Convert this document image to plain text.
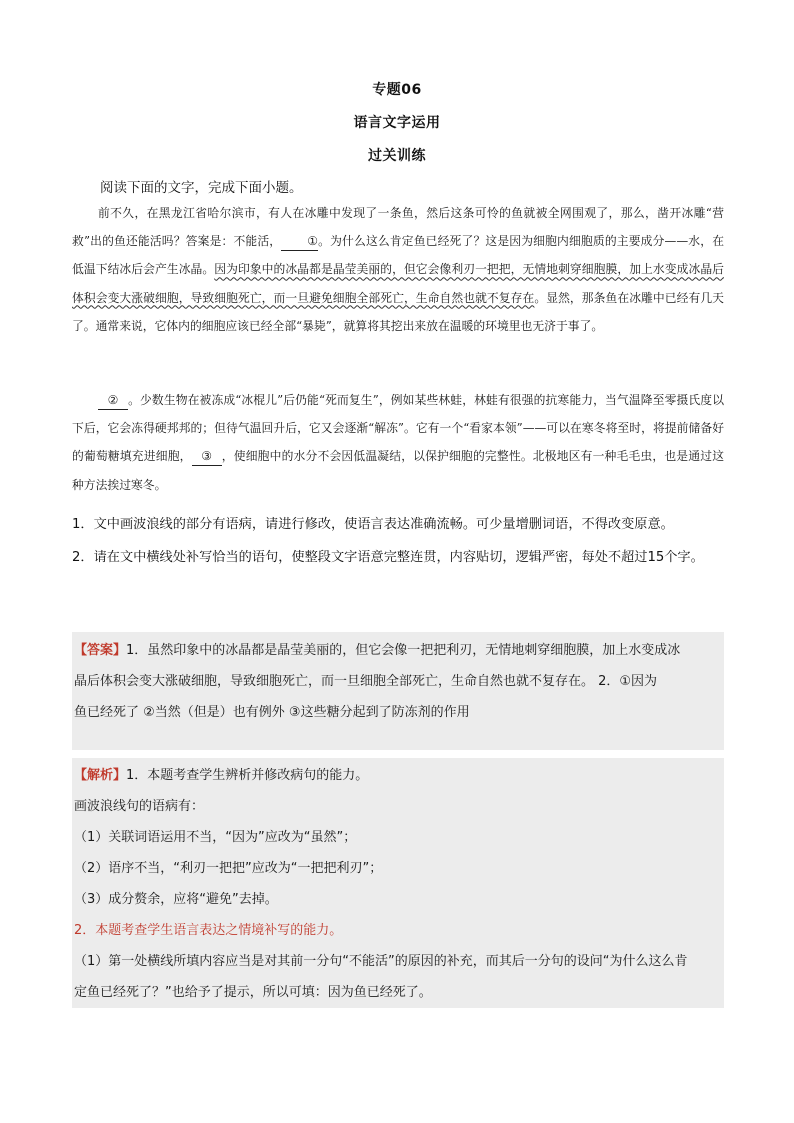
专题06
语言文字运用
过关训练
阅读下面的文字，完成下面小题。
前不久，在黑龙江省哈尔滨市，有人在冰雕中发现了一条鱼，然后这条可怜的鱼就被全网围观了，那么，凿开冰雕“营救”出的鱼还能活吗？答案是：不能活， ①。为什么这么肯定鱼已经死了？这是因为细胞内细胞质的主要成分——水，在低温下结冰后会产生冰晶。因为印象中的冰晶都是晶莹美丽的，但它会像利刃一把把，无情地刺穿细胞膜，加上水变成冰晶后体积会变大涨破细胞，导致细胞死亡，而一旦避免细胞全部死亡，生命自然也就不复存在。显然，那条鱼在冰雕中已经有几天了。通常来说，它体内的细胞应该已经全部“暴毙”，就算将其挖出来放在温暖的环境里也无济于事了。
② 。少数生物在被冻成“冰棍儿”后仍能“死而复生”，例如某些林蛙，林蛙有很强的抗寒能力，当气温降至零摄氏度以下后，它会冻得硬邦邦的；但待气温回升后，它又会逐渐“解冻”。它有一个“看家本领”——可以在寒冬将至时，将提前储备好的葡萄糖填充进细胞， ③ ，使细胞中的水分不会因低温凝结，以保护细胞的完整性。北极地区有一种毛毛虫，也是通过这种方法挨过寒冬。
1．文中画波浪线的部分有语病，请进行修改，使语言表达准确流畅。可少量增删词语，不得改变原意。
2．请在文中横线处补写恰当的语句，使整段文字语意完整连贯，内容贴切，逻辑严密，每处不超过15个字。
【答案】1．虽然印象中的冰晶都是晶莹美丽的，但它会像一把把利刃，无情地刺穿细胞膜，加上水变成冰
晶后体积会变大涨破细胞，导致细胞死亡，而一旦细胞全部死亡，生命自然也就不复存在。 2．①因为
鱼已经死了 ②当然（但是）也有例外 ③这些糖分起到了防冻剂的作用
【解析】1．本题考查学生辨析并修改病句的能力。
画波浪线句的语病有：
（1）关联词语运用不当，“因为”应改为“虽然”；
（2）语序不当，“利刃一把把”应改为“一把把利刃”；
（3）成分赘余，应将“避免”去掉。
2．本题考查学生语言表达之情境补写的能力。
（1）第一处横线所填内容应当是对其前一分句“不能活”的原因的补充，而其后一分句的设问“为什么这么肯
定鱼已经死了？”也给予了提示，所以可填：因为鱼已经死了。
